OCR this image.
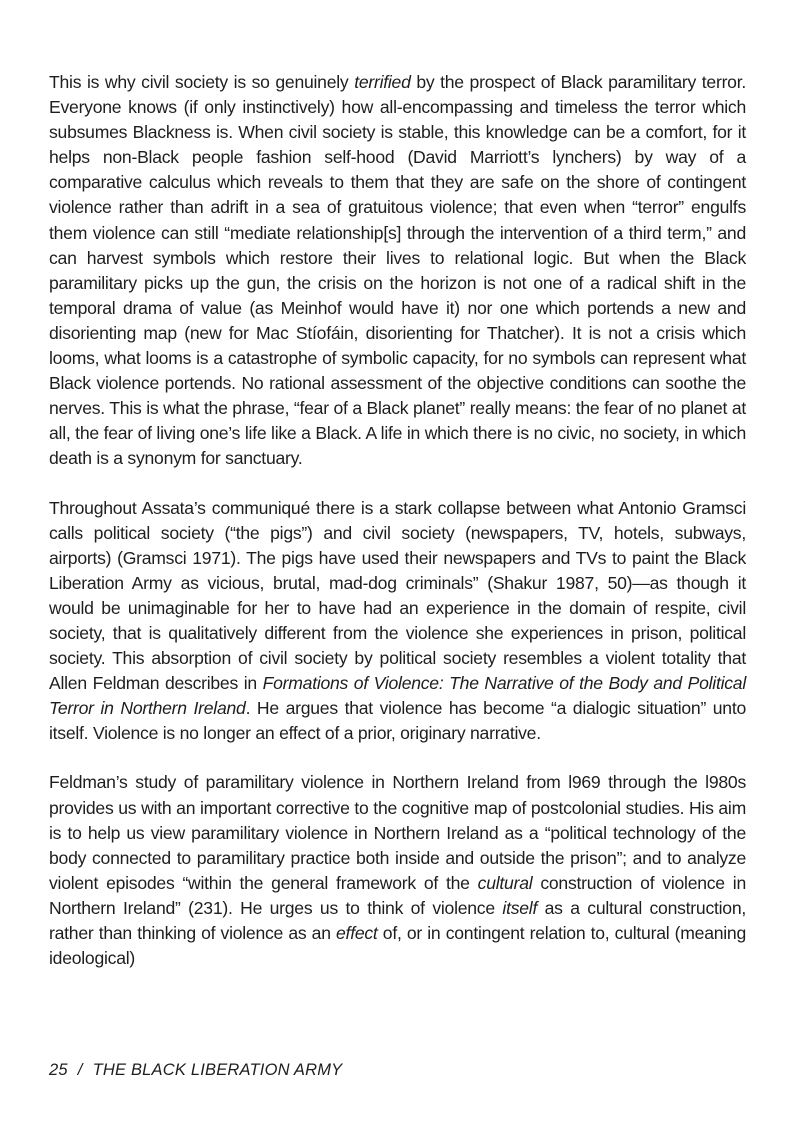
This is why civil society is so genuinely terrified by the prospect of Black paramilitary terror. Everyone knows (if only instinctively) how all-encompassing and timeless the terror which subsumes Blackness is. When civil society is stable, this knowledge can be a comfort, for it helps non-Black people fashion self-hood (David Marriott’s lynchers) by way of a comparative calculus which reveals to them that they are safe on the shore of contingent violence rather than adrift in a sea of gratuitous violence; that even when “terror” engulfs them violence can still “mediate relationship[s] through the intervention of a third term,” and can harvest symbols which restore their lives to relational logic. But when the Black paramilitary picks up the gun, the crisis on the horizon is not one of a radical shift in the temporal drama of value (as Meinhof would have it) nor one which portends a new and disorienting map (new for Mac Stíofáin, disorienting for Thatcher). It is not a crisis which looms, what looms is a catastrophe of symbolic capacity, for no symbols can represent what Black violence portends. No rational assessment of the objective conditions can soothe the nerves. This is what the phrase, “fear of a Black planet” really means: the fear of no planet at all, the fear of living one’s life like a Black. A life in which there is no civic, no society, in which death is a synonym for sanctuary.

Throughout Assata’s communiqué there is a stark collapse between what Antonio Gramsci calls political society (“the pigs”) and civil society (newspapers, TV, hotels, subways, airports) (Gramsci 1971). The pigs have used their newspapers and TVs to paint the Black Liberation Army as vicious, brutal, mad-dog criminals” (Shakur 1987, 50)—as though it would be unimaginable for her to have had an experience in the domain of respite, civil society, that is qualitatively different from the violence she experiences in prison, political society. This absorption of civil society by political society resembles a violent totality that Allen Feldman describes in Formations of Violence: The Narrative of the Body and Political Terror in Northern Ireland. He argues that violence has become “a dialogic situation” unto itself. Violence is no longer an effect of a prior, originary narrative.

Feldman’s study of paramilitary violence in Northern Ireland from l969 through the l980s provides us with an important corrective to the cognitive map of postcolonial studies. His aim is to help us view paramilitary violence in Northern Ireland as a “political technology of the body connected to paramilitary practice both inside and outside the prison”; and to analyze violent episodes “within the general framework of the cultural construction of violence in Northern Ireland” (231). He urges us to think of violence itself as a cultural construction, rather than thinking of violence as an effect of, or in contingent relation to, cultural (meaning ideological)

25 / THE BLACK LIBERATION ARMY
